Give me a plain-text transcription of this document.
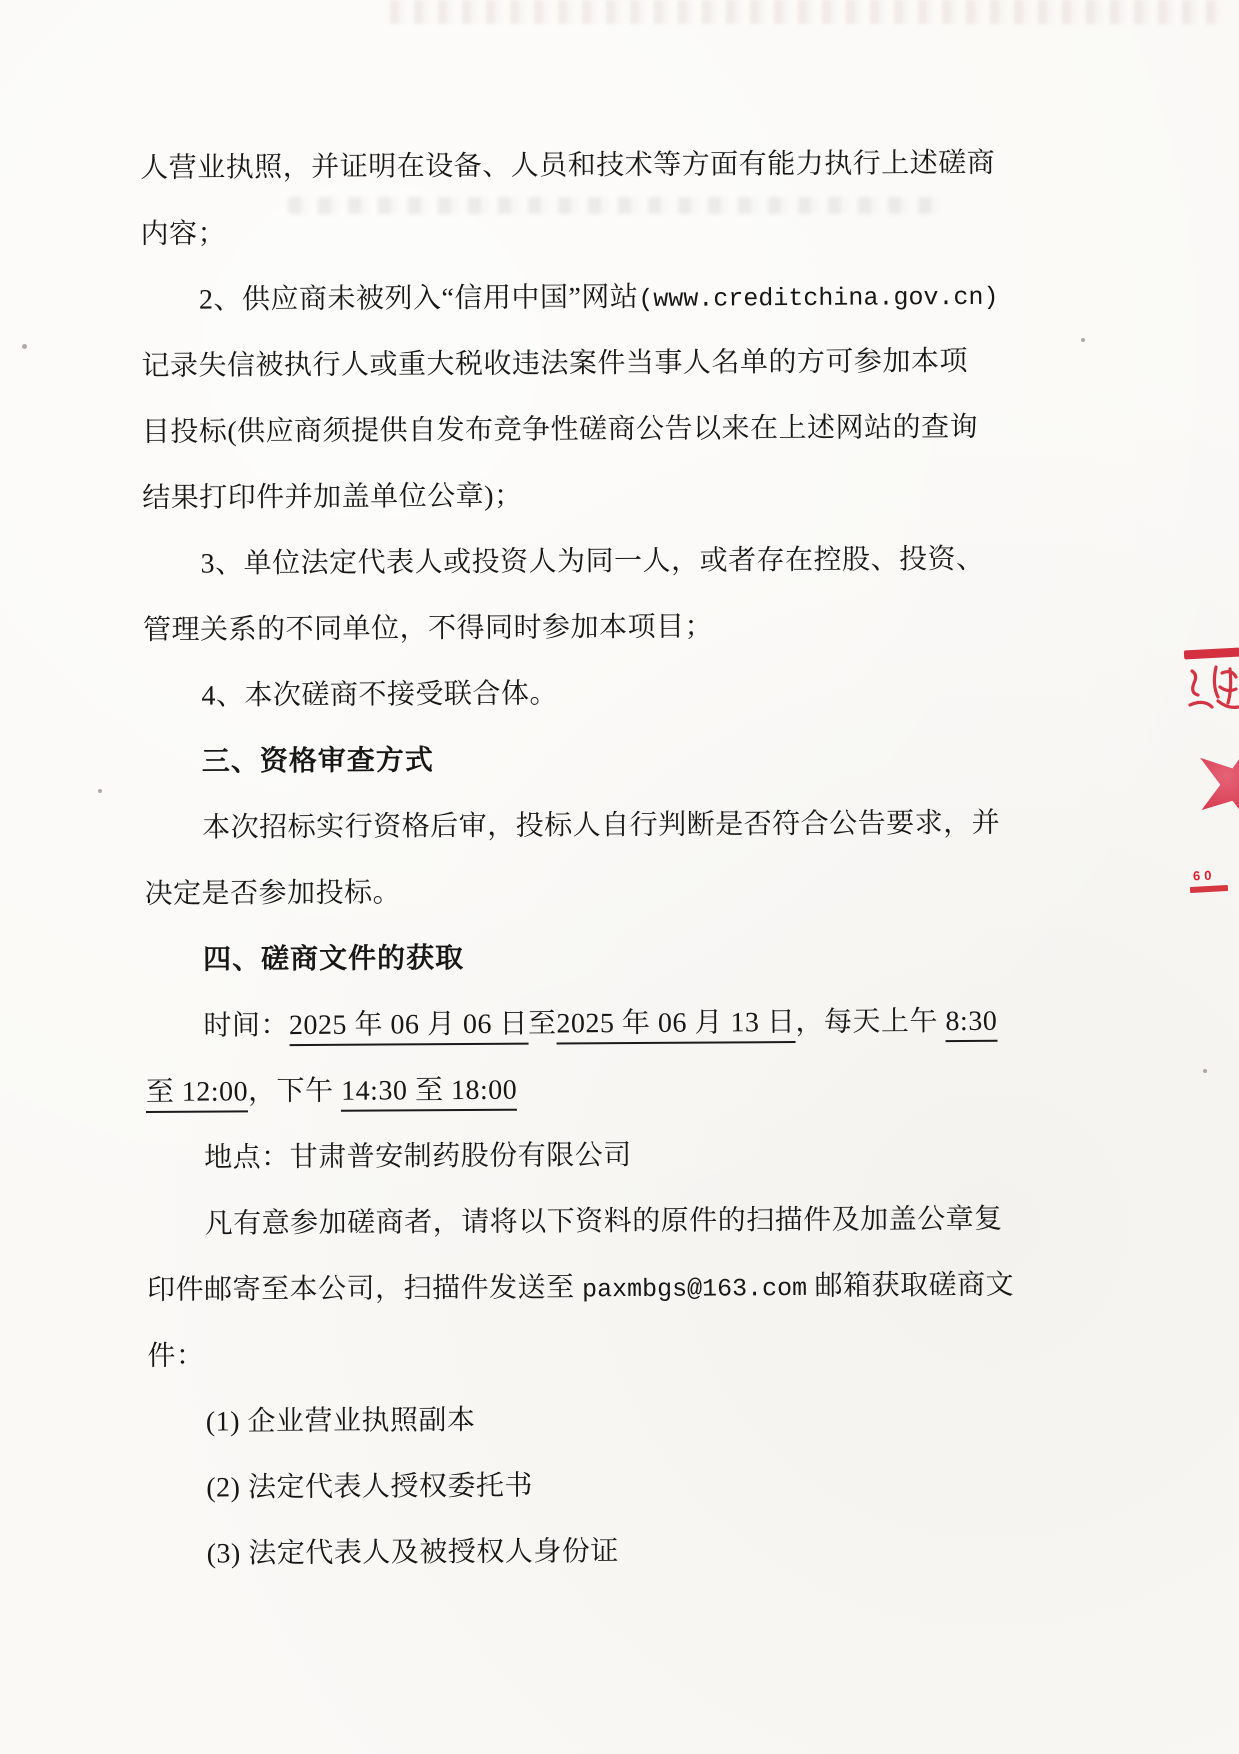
人营业执照，并证明在设备、人员和技术等方面有能力执行上述磋商
内容；
2、供应商未被列入“信用中国”网站(www.creditchina.gov.cn)
记录失信被执行人或重大税收违法案件当事人名单的方可参加本项
目投标(供应商须提供自发布竞争性磋商公告以来在上述网站的查询
结果打印件并加盖单位公章)；
3、单位法定代表人或投资人为同一人，或者存在控股、投资、
管理关系的不同单位，不得同时参加本项目；
4、本次磋商不接受联合体。
三、资格审查方式
本次招标实行资格后审，投标人自行判断是否符合公告要求，并
决定是否参加投标。
四、磋商文件的获取
时间：2025 年 06 月 06 日至2025 年 06 月 13 日，每天上午 8:30
至 12:00，下午 14:30 至 18:00
地点：甘肃普安制药股份有限公司
凡有意参加磋商者，请将以下资料的原件的扫描件及加盖公章复
印件邮寄至本公司，扫描件发送至 paxmbgs@163.com 邮箱获取磋商文
件：
(1) 企业营业执照副本
(2) 法定代表人授权委托书
(3) 法定代表人及被授权人身份证
60
